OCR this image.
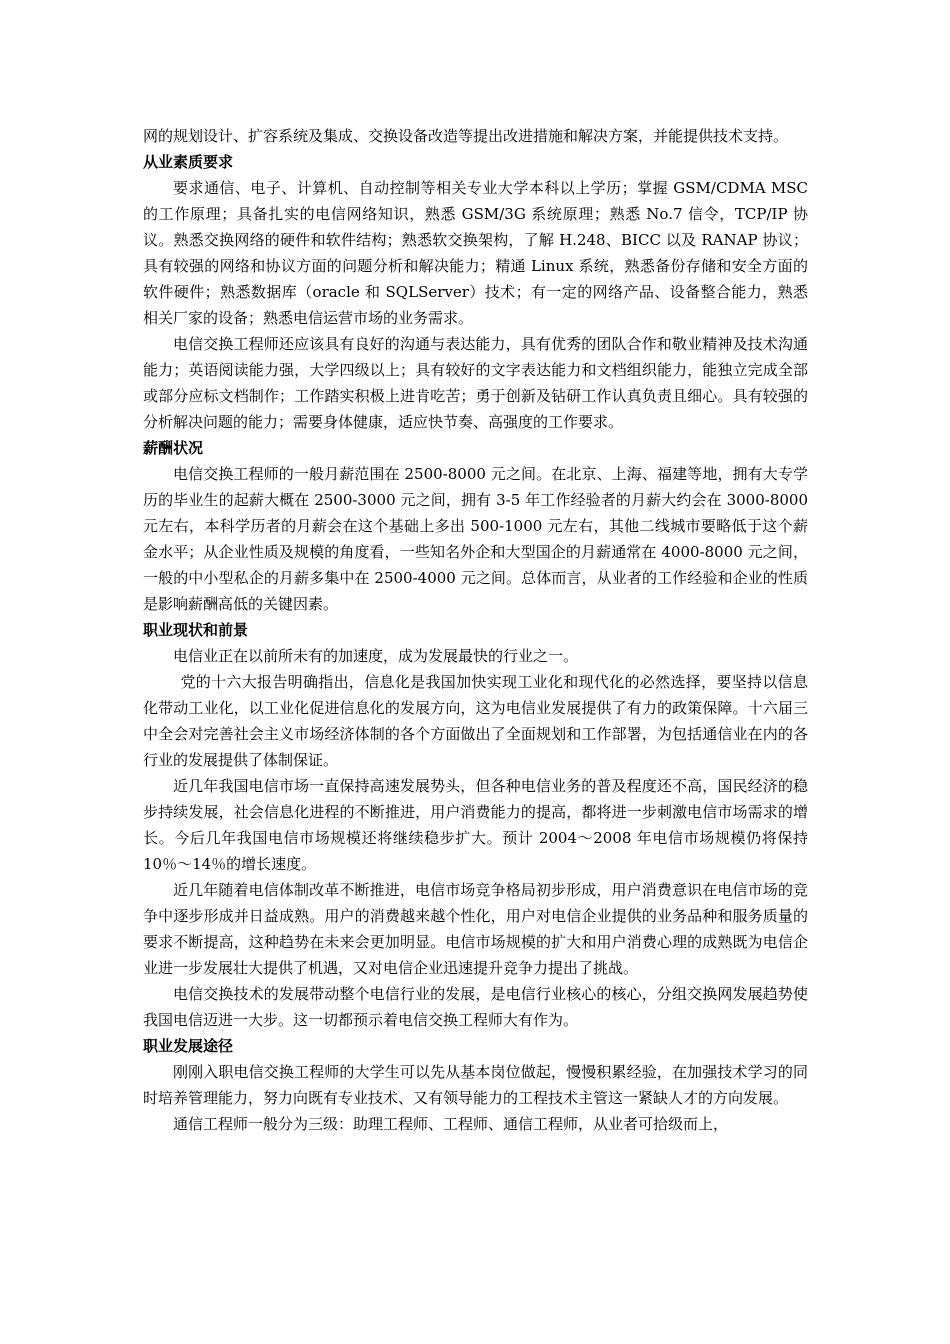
网的规划设计、扩容系统及集成、交换设备改造等提出改进措施和解决方案，并能提供技术支持。

从业素质要求

要求通信、电子、计算机、自动控制等相关专业大学本科以上学历；掌握 GSM/CDMA MSC 的工作原理；具备扎实的电信网络知识，熟悉 GSM/3G 系统原理；熟悉 No.7 信令，TCP/IP 协议。熟悉交换网络的硬件和软件结构；熟悉软交换架构，了解 H.248、BICC 以及 RANAP 协议；具有较强的网络和协议方面的问题分析和解决能力；精通 Linux 系统，熟悉备份存储和安全方面的软件硬件；熟悉数据库（oracle 和 SQLServer）技术；有一定的网络产品、设备整合能力，熟悉相关厂家的设备；熟悉电信运营市场的业务需求。

电信交换工程师还应该具有良好的沟通与表达能力，具有优秀的团队合作和敬业精神及技术沟通能力；英语阅读能力强，大学四级以上；具有较好的文字表达能力和文档组织能力，能独立完成全部或部分应标文档制作；工作踏实积极上进肯吃苦；勇于创新及钻研工作认真负责且细心。具有较强的分析解决问题的能力；需要身体健康，适应快节奏、高强度的工作要求。

薪酬状况

电信交换工程师的一般月薪范围在 2500-8000 元之间。在北京、上海、福建等地，拥有大专学历的毕业生的起薪大概在 2500-3000 元之间，拥有 3-5 年工作经验者的月薪大约会在 3000-8000 元左右，本科学历者的月薪会在这个基础上多出 500-1000 元左右，其他二线城市要略低于这个薪金水平；从企业性质及规模的角度看，一些知名外企和大型国企的月薪通常在 4000-8000 元之间，一般的中小型私企的月薪多集中在 2500-4000 元之间。总体而言，从业者的工作经验和企业的性质是影响薪酬高低的关键因素。

职业现状和前景

电信业正在以前所未有的加速度，成为发展最快的行业之一。

党的十六大报告明确指出，信息化是我国加快实现工业化和现代化的必然选择，要坚持以信息化带动工业化，以工业化促进信息化的发展方向，这为电信业发展提供了有力的政策保障。十六届三中全会对完善社会主义市场经济体制的各个方面做出了全面规划和工作部署，为包括通信业在内的各行业的发展提供了体制保证。

近几年我国电信市场一直保持高速发展势头，但各种电信业务的普及程度还不高，国民经济的稳步持续发展，社会信息化进程的不断推进，用户消费能力的提高，都将进一步刺激电信市场需求的增长。今后几年我国电信市场规模还将继续稳步扩大。预计 2004～2008 年电信市场规模仍将保持 10％～14％的增长速度。

近几年随着电信体制改革不断推进，电信市场竞争格局初步形成，用户消费意识在电信市场的竞争中逐步形成并日益成熟。用户的消费越来越个性化，用户对电信企业提供的业务品种和服务质量的要求不断提高，这种趋势在未来会更加明显。电信市场规模的扩大和用户消费心理的成熟既为电信企业进一步发展壮大提供了机遇，又对电信企业迅速提升竞争力提出了挑战。

电信交换技术的发展带动整个电信行业的发展，是电信行业核心的核心，分组交换网发展趋势使我国电信迈进一大步。这一切都预示着电信交换工程师大有作为。

职业发展途径

刚刚入职电信交换工程师的大学生可以先从基本岗位做起，慢慢积累经验，在加强技术学习的同时培养管理能力，努力向既有专业技术、又有领导能力的工程技术主管这一紧缺人才的方向发展。

通信工程师一般分为三级：助理工程师、工程师、通信工程师，从业者可拾级而上，
